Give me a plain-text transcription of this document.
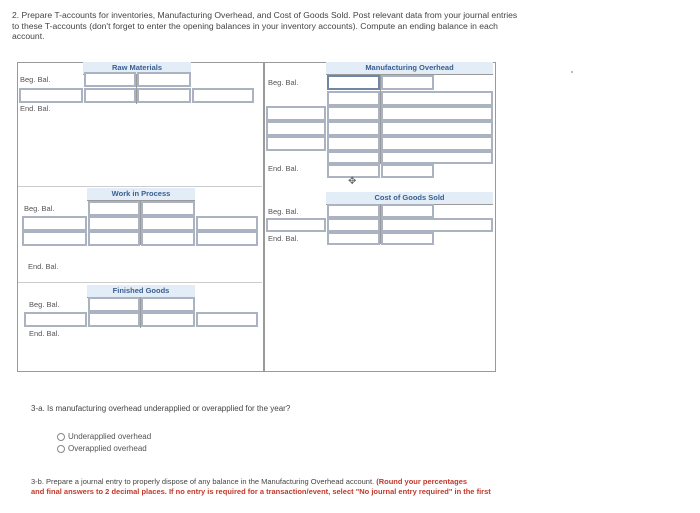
2. Prepare T-accounts for inventories, Manufacturing Overhead, and Cost of Goods Sold. Post relevant data from your journal entries
to these T-accounts (don't forget to enter the opening balances in your inventory accounts). Compute an ending balance in each
account.
Raw Materials
Beg. Bal.
End. Bal.
Manufacturing Overhead
Beg. Bal.
End. Bal.
✥
Work in Process
Beg. Bal.
End. Bal.
Cost of Goods Sold
Beg. Bal.
End. Bal.
Finished Goods
Beg. Bal.
End. Bal.
3-a. Is manufacturing overhead underapplied or overapplied for the year?
Underapplied overhead
Overapplied overhead
3-b. Prepare a journal entry to properly dispose of any balance in the Manufacturing Overhead account. (Round your percentages
and final answers to 2 decimal places. If no entry is required for a transaction/event, select "No journal entry required" in the first
